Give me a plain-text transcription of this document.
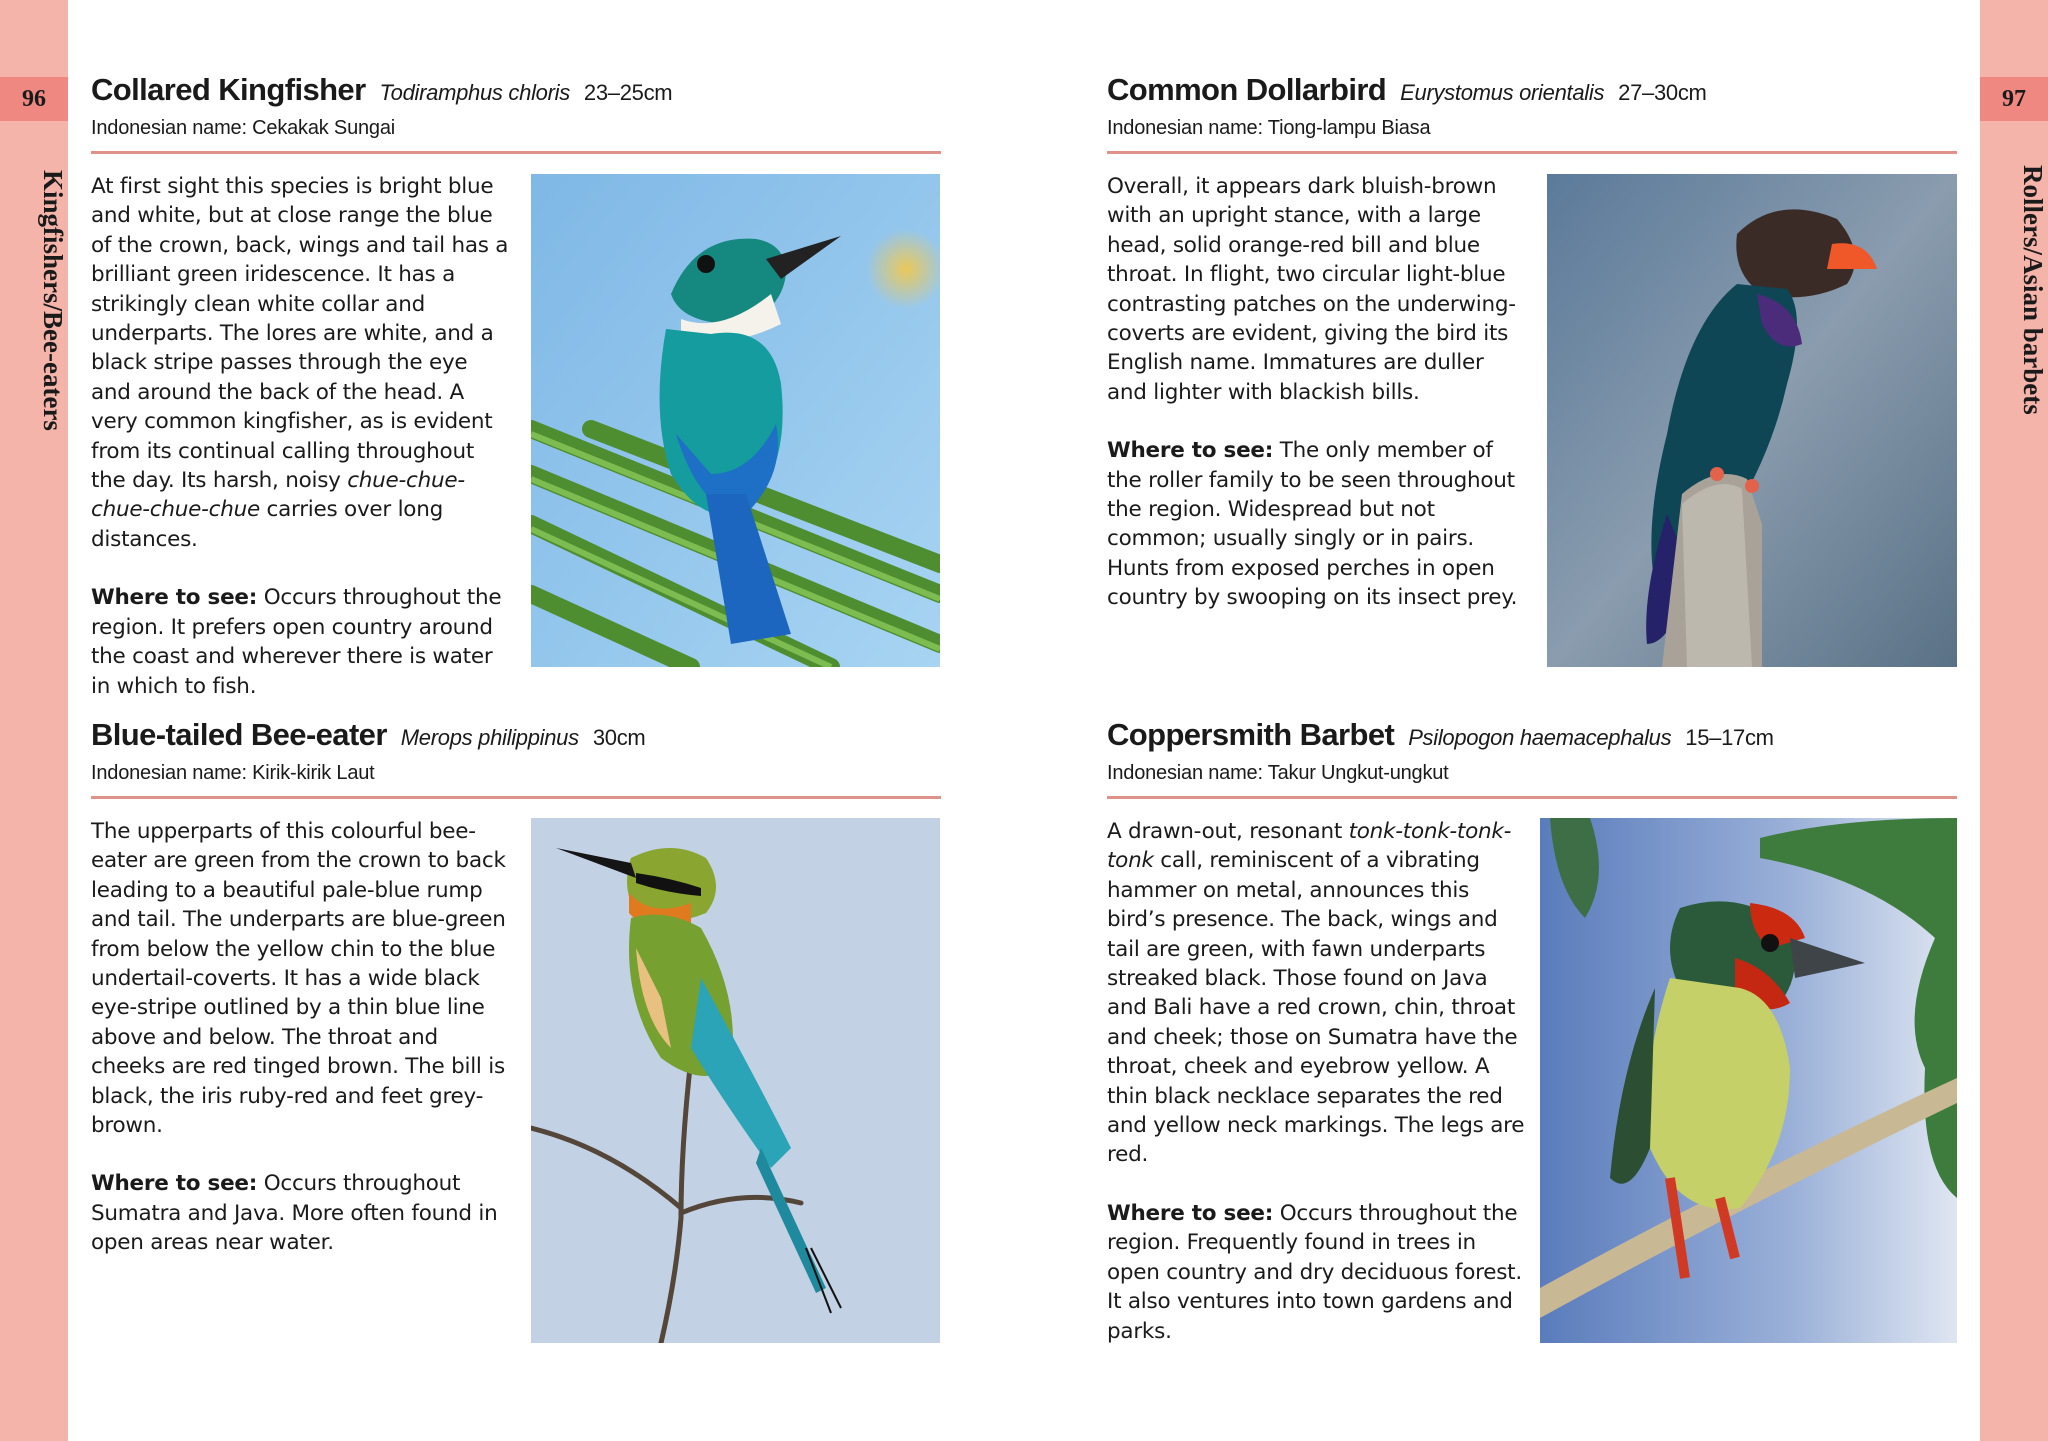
96
Kingfishers/Bee-eaters
97
Rollers/Asian barbets
Collared Kingfisher Todiramphus chloris 23–25cm
Indonesian name: Cekakak Sungai

At first sight this species is bright blue and white, but at close range the blue of the crown, back, wings and tail has a brilliant green iridescence. It has a strikingly clean white collar and underparts. The lores are white, and a black stripe passes through the eye and around the back of the head. A very common kingfisher, as is evident from its continual calling throughout the day. Its harsh, noisy chue-chue-chue-chue-chue carries over long distances.

Where to see: Occurs throughout the region. It prefers open country around the coast and wherever there is water in which to fish.

Common Dollarbird Eurystomus orientalis 27–30cm
Indonesian name: Tiong-lampu Biasa

Overall, it appears dark bluish-brown with an upright stance, with a large head, solid orange-red bill and blue throat. In flight, two circular light-blue contrasting patches on the underwing-coverts are evident, giving the bird its English name. Immatures are duller and lighter with blackish bills.

Where to see: The only member of the roller family to be seen throughout the region. Widespread but not common; usually singly or in pairs. Hunts from exposed perches in open country by swooping on its insect prey.

Blue-tailed Bee-eater Merops philippinus 30cm
Indonesian name: Kirik-kirik Laut

The upperparts of this colourful bee-eater are green from the crown to back leading to a beautiful pale-blue rump and tail. The underparts are blue-green from below the yellow chin to the blue undertail-coverts. It has a wide black eye-stripe outlined by a thin blue line above and below. The throat and cheeks are red tinged brown. The bill is black, the iris ruby-red and feet grey-brown.

Where to see: Occurs throughout Sumatra and Java. More often found in open areas near water.

Coppersmith Barbet Psilopogon haemacephalus 15–17cm
Indonesian name: Takur Ungkut-ungkut

A drawn-out, resonant tonk-tonk-tonk-tonk call, reminiscent of a vibrating hammer on metal, announces this bird’s presence. The back, wings and tail are green, with fawn underparts streaked black. Those found on Java and Bali have a red crown, chin, throat and cheek; those on Sumatra have the throat, cheek and eyebrow yellow. A thin black necklace separates the red and yellow neck markings. The legs are red.

Where to see: Occurs throughout the region. Frequently found in trees in open country and dry deciduous forest. It also ventures into town gardens and parks.
